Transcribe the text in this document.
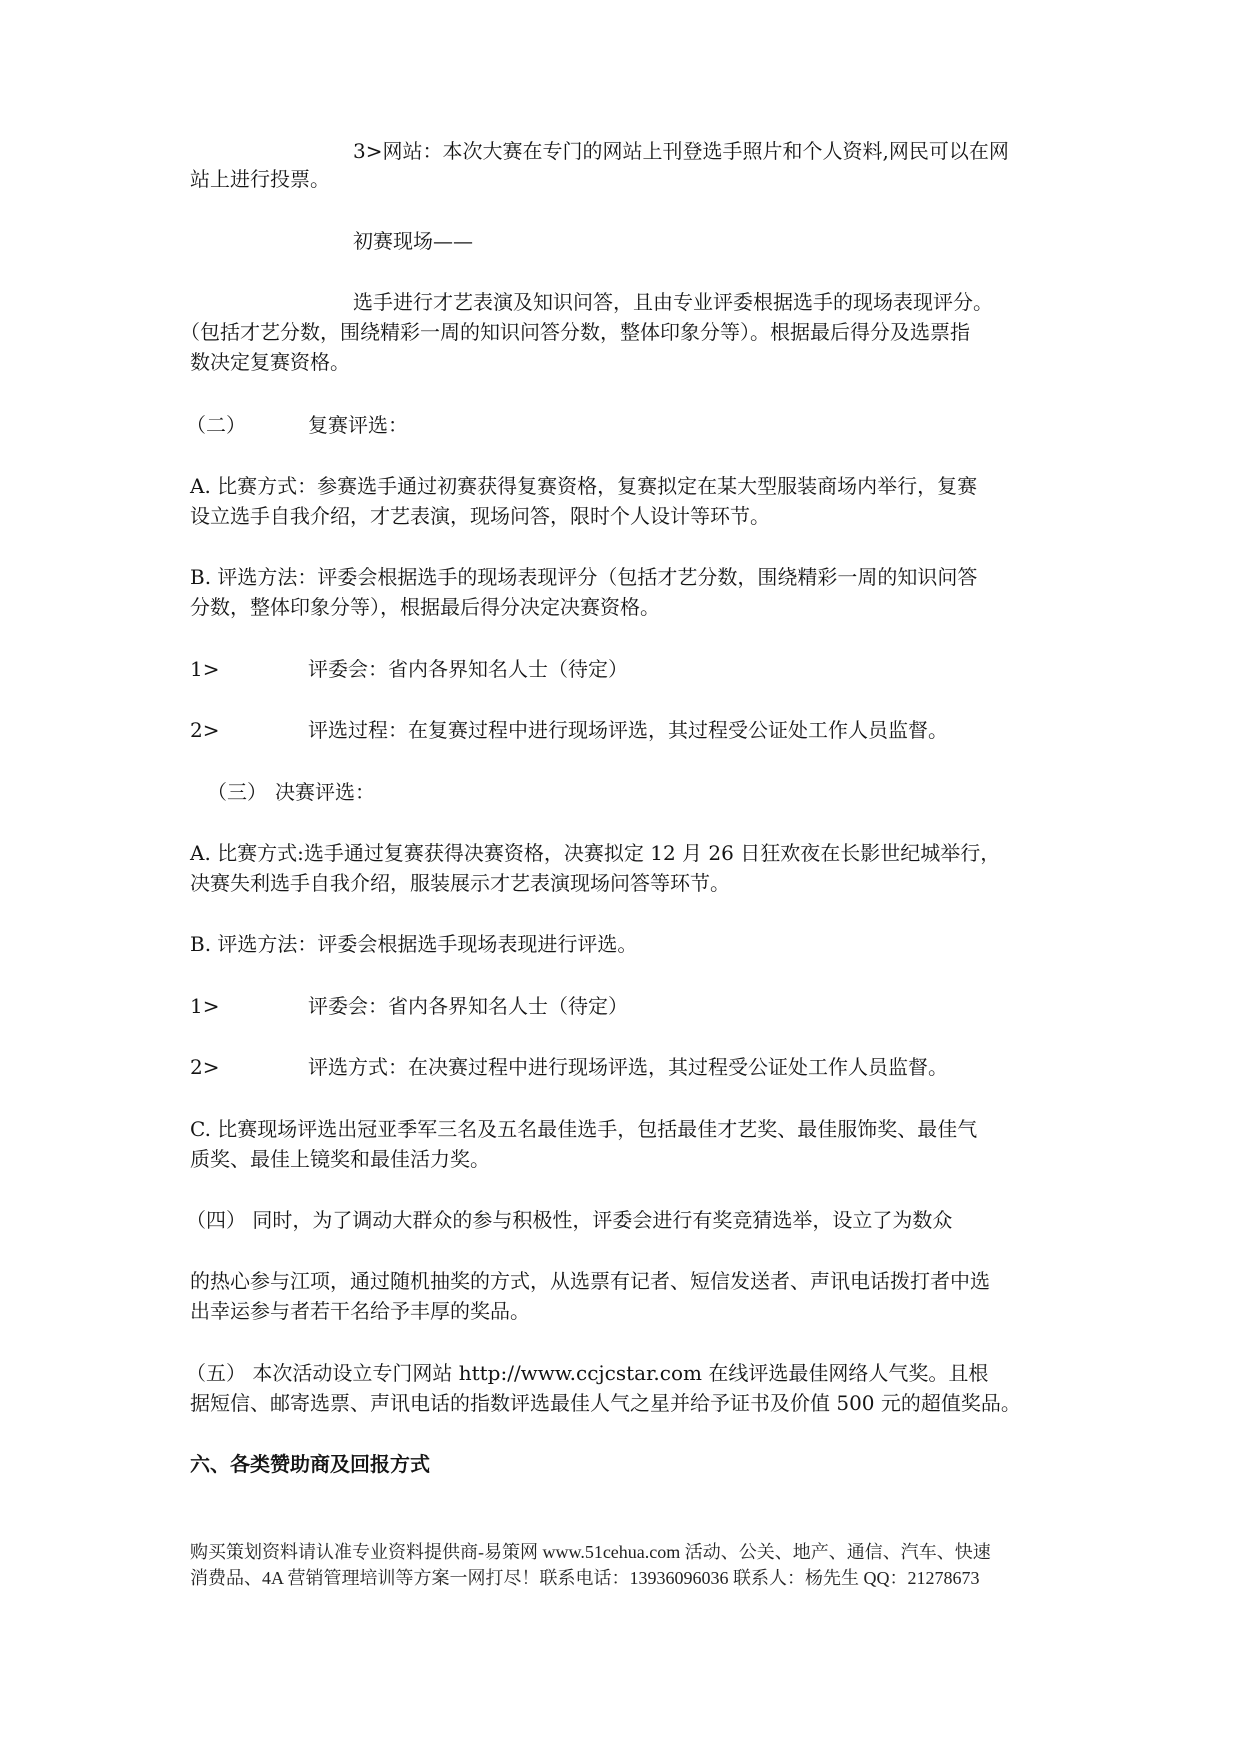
3>网站：本次大赛在专门的网站上刊登选手照片和个人资料,网民可以在网
站上进行投票。
初赛现场——
选手进行才艺表演及知识问答，且由专业评委根据选手的现场表现评分。
（包括才艺分数，围绕精彩一周的知识问答分数，整体印象分等）。根据最后得分及选票指
数决定复赛资格。
（二）	复赛评选：
A. 比赛方式：参赛选手通过初赛获得复赛资格，复赛拟定在某大型服装商场内举行，复赛
设立选手自我介绍，才艺表演，现场问答，限时个人设计等环节。
B. 评选方法：评委会根据选手的现场表现评分（包括才艺分数，围绕精彩一周的知识问答
分数，整体印象分等），根据最后得分决定决赛资格。
1>	评委会：省内各界知名人士（待定）
2>	评选过程：在复赛过程中进行现场评选，其过程受公证处工作人员监督。
（三） 决赛评选：
A. 比赛方式:选手通过复赛获得决赛资格，决赛拟定 12 月 26 日狂欢夜在长影世纪城举行，
决赛失利选手自我介绍，服装展示才艺表演现场问答等环节。
B. 评选方法：评委会根据选手现场表现进行评选。
1>	评委会：省内各界知名人士（待定）
2>	评选方式：在决赛过程中进行现场评选，其过程受公证处工作人员监督。
C. 比赛现场评选出冠亚季军三名及五名最佳选手，包括最佳才艺奖、最佳服饰奖、最佳气
质奖、最佳上镜奖和最佳活力奖。
（四） 同时，为了调动大群众的参与积极性，评委会进行有奖竞猜选举，设立了为数众
的热心参与江项，通过随机抽奖的方式，从选票有记者、短信发送者、声讯电话拨打者中选
出幸运参与者若干名给予丰厚的奖品。
（五） 本次活动设立专门网站 http://www.ccjcstar.com 在线评选最佳网络人气奖。且根
据短信、邮寄选票、声讯电话的指数评选最佳人气之星并给予证书及价值 500 元的超值奖品。
六、各类赞助商及回报方式
购买策划资料请认准专业资料提供商-易策网 www.51cehua.com 活动、公关、地产、通信、汽车、快速
消费品、4A 营销管理培训等方案一网打尽！联系电话：13936096036 联系人：杨先生 QQ：21278673
